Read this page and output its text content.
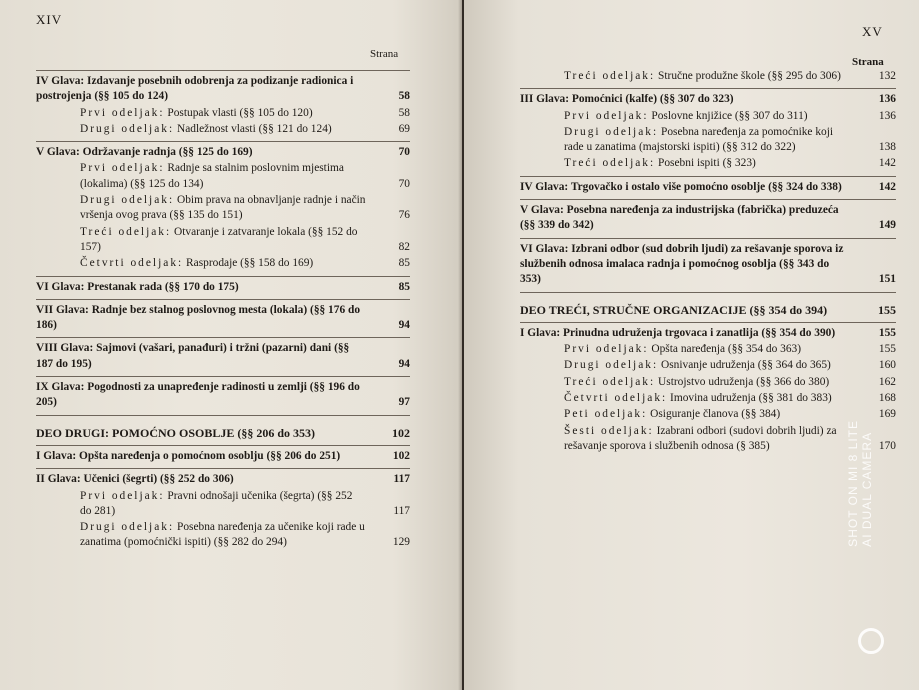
XIV
Strana
IV Glava: Izdavanje posebnih odobrenja za podizanje radionica i postrojenja (§§ 105 do 124)	58
Prvi odeljak: Postupak vlasti (§§ 105 do 120)	58
Drugi odeljak: Nadležnost vlasti (§§ 121 do 124)	69
V Glava: Održavanje radnja (§§ 125 do 169)	70
Prvi odeljak: Radnje sa stalnim poslovnim mjestima (lokalima) (§§ 125 do 134)	70
Drugi odeljak: Obim prava na obnavljanje radnje i način vršenja ovog prava (§§ 135 do 151)	76
Treći odeljak: Otvaranje i zatvaranje lokala (§§ 152 do 157)	82
Četvrti odeljak: Rasprodaje (§§ 158 do 169)	85
VI Glava: Prestanak rada (§§ 170 do 175)	85
VII Glava: Radnje bez stalnog poslovnog mesta (lokala) (§§ 176 do 186)	94
VIII Glava: Sajmovi (vašari, panađuri) i tržni (pazarni) dani (§§ 187 do 195)	94
IX Glava: Pogodnosti za unapređenje radinosti u zemlji (§§ 196 do 205)	97
DEO DRUGI: POMOĆNO OSOBLJE (§§ 206 do 353)	102
I Glava: Opšta naređenja o pomoćnom osoblju (§§ 206 do 251)	102
II Glava: Učenici (šegrti) (§§ 252 do 306)	117
Prvi odeljak: Pravni odnošaji učenika (šegrta) (§§ 252 do 281)	117
Drugi odeljak: Posebna naređenja za učenike koji rade u zanatima (pomoćnički ispiti) (§§ 282 do 294)	129
XV
Strana
Treći odeljak: Stručne produžne škole (§§ 295 do 306)	132
III Glava: Pomoćnici (kalfe) (§§ 307 do 323)	136
Prvi odeljak: Poslovne knjižice (§§ 307 do 311)	136
Drugi odeljak: Posebna naređenja za pomoćnike koji rade u zanatima (majstorski ispiti) (§§ 312 do 322)	138
Treći odeljak: Posebni ispiti (§ 323)	142
IV Glava: Trgovačko i ostalo više pomoćno osoblje (§§ 324 do 338)	142
V Glava: Posebna naređenja za industrijska (fabrička) preduzeća (§§ 339 do 342)	149
VI Glava: Izbrani odbor (sud dobrih ljudi) za rešavanje sporova iz službenih odnosa imalaca radnja i pomoćnog osoblja (§§ 343 do 353)	151
DEO TREĆI, STRUČNE ORGANIZACIJE (§§ 354 do 394)	155
I Glava: Prinudna udruženja trgovaca i zanatlija (§§ 354 do 390)	155
Prvi odeljak: Opšta naređenja (§§ 354 do 363)	155
Drugi odeljak: Osnivanje udruženja (§§ 364 do 365)	160
Treći odeljak: Ustrojstvo udruženja (§§ 366 do 380)	162
Četvrti odeljak: Imovina udruženja (§§ 381 do 383)	168
Peti odeljak: Osiguranje članova (§§ 384)	169
Šesti odeljak: Izabrani odbori (sudovi dobrih ljudi) za rešavanje sporova i službenih odnosa (§ 385)	170
SHOT ON MI 8 LITE
AI DUAL CAMERA
